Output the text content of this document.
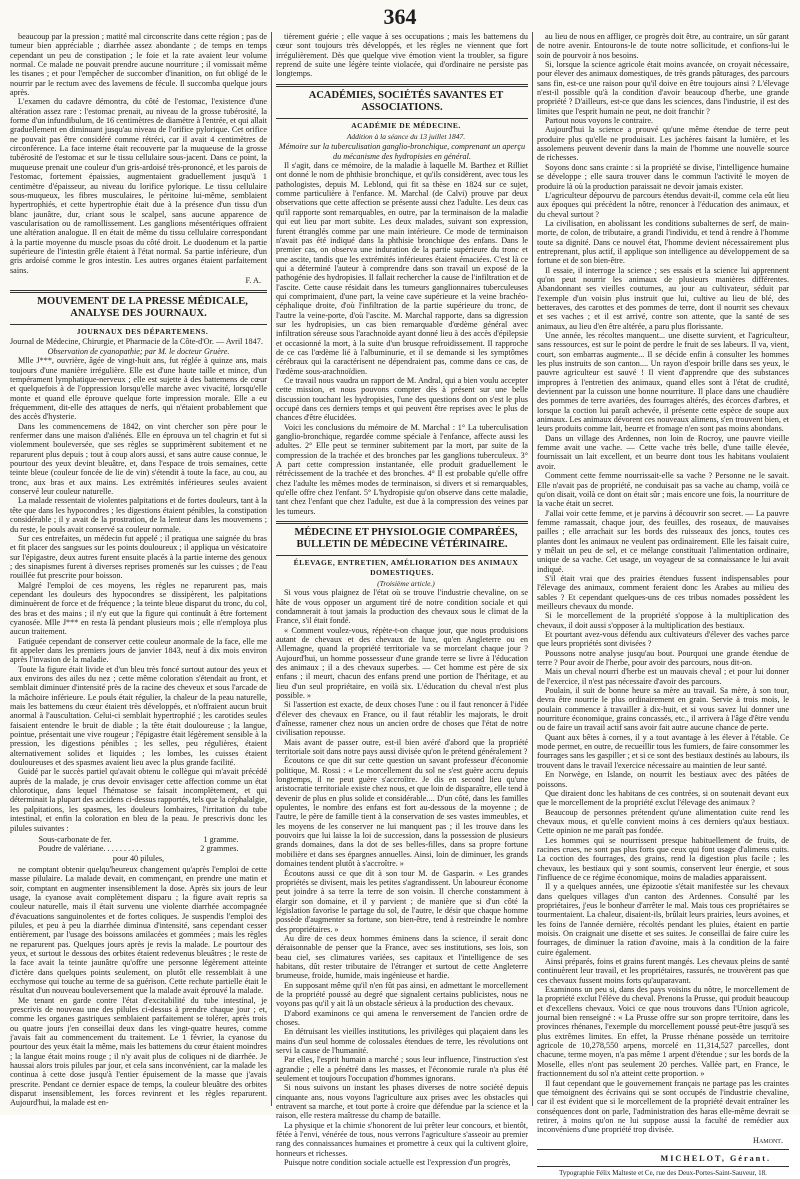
364

beaucoup par la pression ; matité mal circonscrite dans cette région ; pas de tumeur bien appréciable ; diarrhée assez abondante ; de temps en temps cependant un peu de constipation ; le foie et la rate avaient leur volume normal. Ce malade ne pouvait prendre aucune nourriture ; il vomissait même les tisanes ; et pour l'empêcher de succomber d'inanition, on fut obligé de le nourrir par le rectum avec des lavemens de fécule. Il succomba quelque jours après.

L'examen du cadavre démontra, du côté de l'estomac, l'existence d'une altération assez rare : l'estomac prenait, au niveau de la grosse tubérosité, la forme d'un infundibulum, de 16 centimètres de diamètre à l'entrée, et qui allait graduellement en diminuant jusqu'au niveau de l'orifice pylorique. Cet orifice ne pouvait pas être considéré comme rétréci, car il avait 4 centimètres de circonférence. La face interne était recouverte par la muqueuse de la grosse tubérosité de l'estomac et sur le tissu cellulaire sous-jacent. Dans ce point, la muqueuse prenait une couleur d'un gris-ardoisé très-prononcé, et les parois de l'estomac, fortement épaissies, augmentaient graduellement jusqu'à 1 centimètre d'épaisseur, au niveau du lorifice pylorique. Le tissu cellulaire sous-muqueux, les fibres musculaires, le péritoine lui-même, semblaient hypertrophiés, et cette hypertrophie était due à la présence d'un tissu d'un blanc jaunâtre, dur, criant sous le scalpel, sans aucune apparence de vascularisation ou de ramollissement. Les ganglions mésentériques offraient une altération analogue. Il en était de même du tissu cellulaire correspondant à la partie moyenne du muscle psoas du côté droit. Le duodenum et la partie supérieure de l'intestin grêle étaient à l'état normal. Sa partie inférieure, d'un gris ardoisé comme le gros intestin. Les autres organes étaient parfaitement sains.

F. A.

MOUVEMENT DE LA PRESSE MÉDICALE, ANALYSE DES JOURNAUX.

JOURNAUX DES DÉPARTEMENS.

Journal de Médecine, Chirurgie, et Pharmacie de la Côte-d'Or. — Avril 1847.

Observation de cyanopathie; par M. le docteur Gruère.

Mlle J***, ouvrière, âgée de vingt-huit ans, fut réglée à quinze ans, mais toujours d'une manière irrégulière. Elle est d'une haute taille et mince, d'un tempérament lymphatique-nerveux ; elle est sujette à des battemens de cœur et quelquefois à de l'oppression lorsqu'elle marche avec vivacité, lorsqu'elle monte et quand elle éprouve quelque forte impression morale. Elle a eu fréquemment, dit-elle des attaques de nerfs, qui n'étaient probablement que des accès d'hysterie.

Dans les commencemens de 1842, on vint chercher son père pour le renfermer dans une maison d'aliénés. Elle en éprouva un tel chagrin et fut si violemment bouleversée, que ses règles se supprimèrent subitement et ne reparurent plus depuis ; tout à coup alors aussi, et sans autre cause connue, le pourtour des yeux devint bleuâtre, et, dans l'espace de trois semaines, cette teinte bleue (couleur foncée de lie de vin) s'étendit à toute la face, au cou, au tronc, aux bras et aux mains. Les extrémités inférieures seules avaient conservé leur couleur naturelle.

La malade ressentait de violentes palpitations et de fortes douleurs, tant à la tête que dans les hypocondres ; les digestions étaient pénibles, la constipation considérable ; il y avait de la prostration, de la lenteur dans les mouvemens ; du reste, le pouls avait conservé sa couleur normale.

Sur ces entrefaites, un médecin fut appelé ; il pratiqua une saignée du bras et fit placer des sangsues sur les points douloureux ; il appliqua un vésicatoire sur l'épigastre, deux autres furent ensuite placés à la partie interne des genoux ; des sinapismes furent à diverses reprises promenés sur les cuisses ; de l'eau rouillée fut prescrite pour boisson.

Malgré l'emploi de ces moyens, les règles ne reparurent pas, mais cependant les douleurs des hypocondres se dissipèrent, les palpitations diminuèrent de force et de fréquence ; la teinte bleue disparut du tronc, du col, des bras et des mains ; il n'y eut que la figure qui continuât à être fortement cyanosée. Mlle J*** en resta là pendant plusieurs mois ; elle n'employa plus aucun traitement.

Fatiguée cependant de conserver cette couleur anormale de la face, elle me fit appeler dans les premiers jours de janvier 1843, neuf à dix mois environ après l'invasion de la maladie.

Toute la figure était livide et d'un bleu très foncé surtout autour des yeux et aux environs des ailes du nez ; cette même coloration s'étendait au front, et semblait diminuer d'intensité près de la racine des cheveux et sous l'arcade de la mâchoire inférieure. Le pouls était régulier, la chaleur de la peau naturelle, mais les battemens du cœur étaient très développés, et n'offraient aucun bruit anormal à l'auscultation. Celui-ci semblait hypertrophié ; les carotides seules faisaient entendre le bruit de diable ; la tête était douloureuse ; la langue, pointue, présentait une vive rougeur ; l'épigastre était légèrement sensible à la pression, les digestions pénibles ; les selles, peu régulières, étaient alternativement solides et liquides ; les lombes, les cuisses étaient douloureuses et des spasmes avaient lieu avec la plus grande facilité.

Guidé par le succès partiel qu'avait obtenu le collègue qui m'avait précédé auprès de la malade, je crus devoir envisager cette affection comme un état chlorotique, dans lequel l'hématose se faisait incomplètement, et qui déterminait la plupart des accidens ci-dessus rapportés, tels que la céphalalgie, les palpitations, les spasmes, les douleurs lombaires, l'irritation du tube intestinal, et enfin la coloration en bleu de la peau. Je prescrivis donc les pilules suivantes :

Sous-carbonate de fer.	1 gramme.
Poudre de valériane. . . . . . . . . .	2 grammes.
pour 40 pilules,

ne comptant obtenir quelqu'heureux changement qu'après l'emploi de cette masse pilulaire. La malade devait, en commençant, en prendre une matin et soir, comptant en augmenter insensiblement la dose. Après six jours de leur usage, la cyanose avait complètement disparu ; la figure avait repris sa couleur naturelle, mais il était survenu une violente diarrhée accompagnée d'évacuations sanguinolentes et de fortes coliques. Je suspendis l'emploi des pilules, et peu à peu la diarrhée diminua d'intensité, sans cependant cesser entièrement, par l'usage des boissons amilacées et gommées ; mais les règles ne reparurent pas. Quelques jours après je revis la malade. Le pourtour des yeux, et surtout le dessous des orbites étaient redevenus bleuâtres ; le reste de la face avait la teinte jaunâtre qu'offre une personne légèrement atteinte d'ictère dans quelques points seulement, on plutôt elle ressemblait à une ecchymose qui touche au terme de sa guérison. Cette rechute partielle était le résultat d'un nouveau bouleversement que la malade avait éprouvé la malade.

Me tenant en garde contre l'état d'excitabilité du tube intestinal, je prescrivis de nouveau une des pilules ci-dessus à prendre chaque jour ; et, comme les organes gastriques semblaient parfaitement se tolérer, après trois ou quatre jours j'en conseillai deux dans les vingt-quatre heures, comme j'avais fait au commencement du traitement. Le 1 février, la cyanose du pourtour des yeux était la même, mais les battemens du cœur étaient moindres ; la langue était moins rouge ; il n'y avait plus de coliques ni de diarrhée. Je haussai alors trois pilules par jour, et cela sans inconvénient, car la malade les continua à cette dose jusqu'à l'entier épuisement de la masse que j'avais prescrite. Pendant ce dernier espace de temps, la couleur bleuâtre des orbites disparut insensiblement, les forces revinrent et les règles reparurent. Aujourd'hui, la malade est en-

tièrement guérie ; elle vaque à ses occupations ; mais les battemens du cœur sont toujours très développés, et les règles ne viennent que fort irrégulièrement. Dès que quelque vive émotion vient la troubler, sa figure reprend de suite une légère teinte violacée, qui d'ordinaire ne persiste pas longtemps.

ACADÉMIES, SOCIÉTÉS SAVANTES ET ASSOCIATIONS.

ACADÉMIE DE MÉDECINE.

Addition à la séance du 13 juillet 1847.

Mémoire sur la tuberculisation ganglio-bronchique, comprenant un aperçu du mécanisme des hydropisies en général.

Il s'agit, dans ce mémoire, de la maladie à laquelle M. Barthez et Rilliet ont donné le nom de phthisie bronchique, et qu'ils considèrent, avec tous les pathologistes, depuis M. Leblond, qui fit sa thèse en 1824 sur ce sujet, comme particulière à l'enfance. M. Marchal (de Calvi) prouve par deux observations que cette affection se présente aussi chez l'adulte. Les deux cas qu'il rapporte sont remarquables, en outre, par la terminaison de la maladie qui eut lieu par mort subite. Les deux malades, suivant son expression, furent étranglés comme par une main intérieure. Ce mode de terminaison n'avait pas été indiqué dans la phthisie bronchique des enfans. Dans le premier cas, on observa une induration de la partie supérieure du tronc et une ascite, tandis que les extrémités inférieures étaient émaciées. C'est là ce qui a déterminé l'auteur à comprendre dans son travail un exposé de la pathogénie des hydropisies. Il fallait rechercher la cause de l'infiltration et de l'ascite. Cette cause résidait dans les tumeurs ganglionnaires tuberculeuses qui comprimaient, d'une part, la veine cave supérieure et la veine brachéo-céphalique droite, d'où l'infiltration de la partie supérieure du tronc, de l'autre la veine-porte, d'où l'ascite. M. Marchal rapporte, dans sa digression sur les hydropisies, un cas bien remarquable d'œdème général avec infiltration séreuse sous l'arachnoïde ayant donné lieu à des accès d'épilepsie et occasionné la mort, à la suite d'un brusque refroidissement. Il rapproche de ce cas l'œdème lié à l'albuminurie, et il se demande si les symptômes cérébraux qui la caractérisent ne dépendraient pas, comme dans ce cas, de l'œdème sous-arachnoïdien.

Ce travail nous vaudra un rapport de M. Andral, qui a bien voulu accepter cette mission, et nous pouvons compter dès à présent sur une belle discussion touchant les hydropisies, l'une des questions dont on s'est le plus occupé dans ces derniers temps et qui peuvent être reprises avec le plus de chances d'être élucidées.

Voici les conclusions du mémoire de M. Marchal : 1° La tuberculisation ganglio-bronchique, regardée comme spéciale à l'enfance, affecte aussi les adultes. 2° Elle peut se terminer subitement par la mort, par suite de la compression de la trachée et des bronches par les ganglions tuberculeux. 3° A part cette compression instantanée, elle produit graduellement le rétrécissement de la trachée et des bronches. 4° Il est probable qu'elle offre chez l'adulte les mêmes modes de terminaison, si divers et si remarquables, qu'elle offre chez l'enfant. 5° L'hydropisie qu'on observe dans cette maladie, tant chez l'enfant que chez l'adulte, est due à la compression des veines par les tumeurs.

MÉDECINE ET PHYSIOLOGIE COMPARÉES, BULLETIN DE MÉDECINE VÉTÉRINAIRE.

ÉLEVAGE, ENTRETIEN, AMÉLIORATION DES ANIMAUX DOMESTIQUES.

(Troisième article.)

Si vous vous plaignez de l'état où se trouve l'industrie chevaline, on se hâte de vous opposer un argument tiré de notre condition sociale et qui condamnerait à tout jamais la production des chevaux sous le climat de la France, s'il était fondé.

« Comment voulez-vous, répète-t-on chaque jour, que nous produisions autant de chevaux et des chevaux de luxe, qu'en Angleterre ou en Allemagne, quand la propriété territoriale va se morcelant chaque jour ? Aujourd'hui, un homme possesseur d'une grande terre se livre à l'éducation des animaux ; il a des chevaux superbes. — Cet homme est père de six enfans ; il meurt, chacun des enfans prend une portion de l'héritage, et au lieu d'un seul propriétaire, en voilà six. L'éducation du cheval n'est plus possible. »

Si l'assertion est exacte, de deux choses l'une : ou il faut renoncer à l'idée d'élever des chevaux en France, ou il faut rétablir les majorats, le droit d'aînesse, ramener chez nous un ancien ordre de choses que l'état de notre civilisation repousse.

Mais avant de passer outre, est-il bien avéré d'abord que la propriété territoriale soit dans notre pays aussi divisée qu'on le prétend généralement ?

Écoutons ce que dit sur cette question un savant professeur d'économie politique, M. Rossi : « Le morcellement du sol ne s'est guère accru depuis longtemps, il ne peut guère s'accroître. Je dis en second lieu qu'une aristocratie territoriale existe chez nous, et que loin de disparaître, elle tend à devenir de plus en plus solide et considérable.... D'un côté, dans les familles opulentes, le nombre des enfans est fort au-dessous de la moyenne ; de l'autre, le père de famille tient à la conservation de ses vastes immeubles, et les moyens de les conserver ne lui manquent pas ; il les trouve dans les pouvoirs que lui laisse la loi de succession, dans la possession de plusieurs grands domaines, dans la dot de ses belles-filles, dans sa propre fortune mobilière et dans ses épargnes annuelles. Ainsi, loin de diminuer, les grands domaines tendent plutôt à s'accroître. »

Écoutons aussi ce que dit à son tour M. de Gasparin. « Les grandes propriétés se divisent, mais les petites s'agrandissent. Un laboureur économe peut joindre à sa terre la terre de son voisin. Il cherche constamment à élargir son domaine, et il y parvient ; de manière que si d'un côté la législation favorise le partage du sol, de l'autre, le désir que chaque homme possède d'augmenter sa fortune, son bien-être, tend à restreindre le nombre des propriétaires. »

Au dire de ces deux hommes éminens dans la science, il serait donc déraisonnable de penser que la France, avec ses institutions, ses lois, son beau ciel, ses climatures variées, ses capitaux et l'intelligence de ses habitans, dût rester tributaire de l'étranger et surtout de cette Angleterre brumeuse, froide, humide, mais ingénieuse et hardie.

En supposant même qu'il n'en fût pas ainsi, en admettant le morcellement de la propriété poussé au degré que signalent certains publicistes, nous ne voyons pas qu'il y ait là un obstacle sérieux à la production des chevaux.

D'abord examinons ce qui amena le renversement de l'ancien ordre de choses.

En détruisant les vieilles institutions, les privilèges qui plaçaient dans les mains d'un seul homme de colossales étendues de terre, les révolutions ont servi la cause de l'humanité.

Par elles, l'esprit humain a marché ; sous leur influence, l'instruction s'est agrandie ; elle a pénétré dans les masses, et l'économie rurale n'a plus été seulement et toujours l'occupation d'hommes ignorans.

Si nous suivons un instant les phases diverses de notre société depuis cinquante ans, nous voyons l'agriculture aux prises avec les obstacles qui entravent sa marche, et tout porte à croire que défendue par la science et la raison, elle restera maîtresse du champ de bataille.

La physique et la chimie s'honorent de lui prêter leur concours, et bientôt, fêtée à l'envi, vénérée de tous, nous verrons l'agriculture s'asseoir au premier rang des connaissances humaines et promettre à ceux qui la cultivent gloire, honneurs et richesses.

Puisque notre condition sociale actuelle est l'expression d'un progrès,

au lieu de nous en affliger, ce progrès doit être, au contraire, un sûr garant de notre avenir. Entourons-le de toute notre sollicitude, et confions-lui le soin de pourvoir à nos besoins.

Si, lorsque la science agricole était moins avancée, on croyait nécessaire, pour élever des animaux domestiques, de très grands pâturages, des parcours sans fin, est-ce une raison pour qu'il doive en être toujours ainsi ? L'élevage n'est-il possible qu'à la condition d'avoir beaucoup d'herbe, une grande propriété ? D'ailleurs, est-ce que dans les sciences, dans l'industrie, il est des limites que l'esprit humain ne peut, ne doit franchir ?

Partout nous voyons le contraire.

Aujourd'hui la science a prouvé qu'une même étendue de terre peut produire plus qu'elle ne produisait. Les jachères faisant la lumière, et les assolemens peuvent devenir dans la main de l'homme une nouvelle source de richesses.

Soyons donc sans crainte : si la propriété se divise, l'intelligence humaine se développe ; elle saura trouver dans le commun l'activité le moyen de produire là où la production paraissait ne devoir jamais exister.

L'agriculteur dépourvu de parcours étendus devait-il, comme cela eût lieu aux époques qui précèdent la nôtre, renoncer à l'éducation des animaux, et du cheval surtout ?

La civilisation, en abolissant les conditions subalternes de serf, de main-morte, de colon, de tributaire, a grandi l'individu, et tend à rendre à l'homme toute sa dignité. Dans ce nouvel état, l'homme devient nécessairement plus entreprenant, plus actif, il applique son intelligence au développement de sa fortune et de son bien-être.

Il essaie, il interroge la science ; ses essais et la science lui apprennent qu'on peut nourrir les animaux de plusieurs manières différentes. Abandonnant ses vieilles coutumes, au jour au cultivateur, séduit par l'exemple d'un voisin plus instruit que lui, cultive au lieu de blé, des betteraves, des carottes et des pommes de terre, dont il nourrit ses chevaux et ses vaches ; et il est arrivé, contre son attente, que la santé de ses animaux, au lieu d'en être altérée, a paru plus florissante.

Une année, les récoltes manquent... une disette survient, et l'agriculteur, sans ressources, est sur le point de perdre le fruit de ses labeurs. Il va, vient, court, son embarras augmente... Il se décide enfin à consulter les hommes les plus instruits de son canton.... Un rayon d'espoir brille dans ses yeux, le pauvre agriculteur est sauvé ! Il vient d'apprendre que des substances impropres à l'entretien des animaux, quand elles sont à l'état de crudité, deviennent par la cuisson une bonne nourriture. Il place dans une chaudière des pommes de terre avariées, des fourrages altérés, des écorces d'arbres, et lorsque la coction lui paraît achevée, il présente cette espèce de soupe aux animaux. Les animaux dévorent ces nouveaux alimens, s'en trouvent bien, et leurs produits comme lait, beurre et fromage n'en sont pas moins abondans.

Dans un village des Ardennes, non loin de Rocroy, une pauvre vieille femme avait une vache. — Cette vache très belle, d'une taille élevée, fournissait un lait excellent, et un beurre dont tous les habitans voulaient avoir.

Comment cette femme nourrissait-elle sa vache ? Personne ne le savait. Elle n'avait pas de propriété, ne conduisait pas sa vache au champ, voilà ce qu'on disait, voilà ce dont on était sûr ; mais encore une fois, la nourriture de la vache était un secret.

J'allai voir cette femme, et je parvins à découvrir son secret. — La pauvre femme ramassait, chaque jour, des feuilles, des roseaux, de mauvaises pailles ; elle arrachait sur les bords des ruisseaux des joncs, toutes ces plantes dont les animaux ne veulent pas ordinairement. Elle les faisait cuire, y mêlait un peu de sel, et ce mélange constituait l'alimentation ordinaire, unique de sa vache. Cet usage, un voyageur de sa connaissance le lui avait indiqué.

S'il était vrai que des prairies étendues fussent indispensables pour l'élevage des animaux, comment feraient donc les Arabes au milieu des sables ? Et cependant quelques-uns de ces tribus nomades possèdent les meilleurs chevaux du monde.

Si le morcellement de la propriété s'oppose à la multiplication des chevaux, il doit aussi s'opposer à la multiplication des bestiaux.

Et pourtant avez-vous défendu aux cultivateurs d'élever des vaches parce que leurs propriétés sont divisées ?

Poussons notre analyse jusqu'au bout. Pourquoi une grande étendue de terre ? Pour avoir de l'herbe, pour avoir des parcours, nous dit-on.

Mais un cheval nourri d'herbe est un mauvais cheval ; et pour lui donner de l'exercice, il n'est pas nécessaire d'avoir des parcours.

Poulain, il suit de bonne heure sa mère au travail. Sa mère, à son tour, devra être nourrie le plus ordinairement en grain. Servie à trois mois, le poulain commence à travailler à dix-huit, et si vous savez lui donner une nourriture économique, grains concassés, etc., il arrivera à l'âge d'être vendu ou de faire un travail actif sans avoir fait autre aucune chance de perte.

Quant aux bêtes à cornes, il y a tout avantage à les élever à l'étable. Ce mode permet, en outre, de recueillir tous les fumiers, de faire consommer les fourrages sans les gaspiller ; et si ce sont des bestiaux destinés au labours, ils trouvent dans le travail l'exercice nécessaire au maintien de leur santé.

En Norwège, en Islande, on nourrit les bestiaux avec des pâtées de poissons.

Que diraient donc les habitans de ces contrées, si on soutenait devant eux que le morcellement de la propriété exclut l'élevage des animaux ?

Beaucoup de personnes prétendent qu'une alimentation cuite rend les chevaux mous, et qu'elle convient moins à ces derniers qu'aux bestiaux. Cette opinion ne me paraît pas fondée.

Les hommes qui se nourrissent presque habituellement de fruits, de racines crues, ne sont pas plus forts que ceux qui font usage d'alimens cuits. La coction des fourrages, des grains, rend la digestion plus facile ; les chevaux, les bestiaux qui y sont soumis, conservent leur énergie, et sous l'influence de ce régime économique, moins de maladies apparaissent.

Il y a quelques années, une épizootie s'était manifestée sur les chevaux dans quelques villages d'un canton des Ardennes. Consulté par les propriétaires, j'eus le bonheur d'arrêter le mal. Mais tous ces propriétaires se tourmentaient. La chaleur, disaient-ils, brûlait leurs prairies, leurs avoines, et les foins de l'année dernière, récoltés pendant les pluies, étaient en partie moisis. On craignait une disette et ses suites. Je conseillai de faire cuire les fourrages, de diminuer la ration d'avoine, mais à la condition de la faire cuire également.

Ainsi préparés, foins et grains furent mangés. Les chevaux pleins de santé continuèrent leur travail, et les propriétaires, rassurés, ne trouvèrent pas que ces chevaux fussent moins forts qu'auparavant.

Examinons un peu si, dans des pays voisins du nôtre, le morcellement de la propriété exclut l'élève du cheval. Prenons la Prusse, qui produit beaucoup et d'excellens chevaux. Voici ce que nous trouvons dans l'Union agricole, journal bien renseigné : « La Prusse offre sur son propre territoire, dans les provinces rhénanes, l'exemple du morcellement poussé peut-être jusqu'à ses plus extrêmes limites. En effet, la Prusse rhénane possède un territoire agricole de 10,278,550 arpens, morcelé en 11,314,527 parcelles, dont chacune, terme moyen, n'a pas même 1 arpent d'étendue ; sur les bords de la Moselle, elles n'ont pas seulement 20 perches. Vallée part, en France, le fractionnement du sol n'a atteint cette proportion. »

Il faut cependant que le gouvernement français ne partage pas les craintes que témoignent des écrivains qui se sont occupés de l'industrie chevaline, car il est évident que si le morcellement de la propriété devait entraîner les conséquences dont on parle, l'administration des haras elle-même devrait se retirer, à moins qu'on ne lui suppose aussi la faculté de remédier aux inconvéniens d'une propriété trop divisée.

Hamont.

MICHELOT, Gérant.

Typographie Félix Malteste et Ce, rue des Deux-Portes-Saint-Sauveur, 18.
